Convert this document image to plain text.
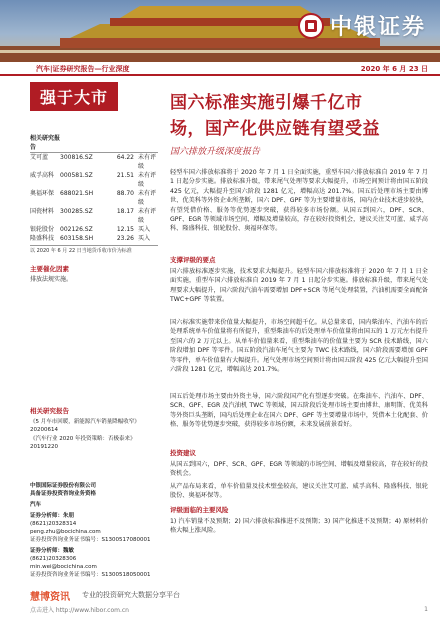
中银证券
汽车|证券研究报告—行业深度	2020 年 6 月 23 日
强于大市
相关研究报告
艾可蓝	300816.SZ	64.22 未有评级
威孚高科 000581.SZ	21.51 未有评级
奥福环保 688021.SH	88.70 未有评级
国瓷材料 300285.SZ	18.17 未有评级
银轮股份 002126.SZ	12.15 买入
隆盛科技 603158.SH	23.26 买入
以 2020 年 6 月 22 日当地货币收市价为标准
主要催化因素
排放法规实施。
相关研究报告
《5 月车市回暖，新能源汽车销量降幅收窄》20200614
《汽车行业 2020 年投资策略：否极泰来》20191220
中银国际证券股份有限公司
具备证券投资咨询业务资格
汽车
证券分析师：朱朋
(8621)20328314
peng.zhu@bocichina.com
证券投资咨询业务证书编号：S1300517080001
证券分析师：魏敏
(8621)20328306
min.wei@bocichina.com
证券投资咨询业务证书编号：S1300518050001
国六标准实施引爆千亿市
场，国产化供应链有望受益
国六排放升级深度报告
轻型车国六排放标准将于 2020 年 7 月 1 日全面实施，重型车国六排放标准自 2019 年 7 月 1 日起分步实施。排放标准升级，带来尾气处理等要求大幅提升，市场空间预计将由国五阶段 425 亿元，大幅提升至国六阶段 1281 亿元，增幅高达 201.7%。国五后处理市场主要由博世、优美科等外资企业所垄断，国六 DPF、GPF 等为主要增量市场，国内企业技术进步较快，有望凭借价格、服务等优势逐步突破，获得较多市场份额。从国五到国六，DPF、SCR、GPF、EGR 等领域市场空间、增幅及增量较高，存在较好投资机会，建议关注艾可蓝、威孚高科、隆盛科技、银轮股份、奥福环保等。
支撑评级的要点
国六排放标准逐步实施，技术要求大幅提升。轻型车国六排放标准将于 2020 年 7 月 1 日全面实施，重型车国六排放标准自 2019 年 7 月 1 日起分步实施。排放标准升级，带来尾气处理要求大幅提升，国六阶段汽油车需要增加 DPF+SCR 等尾气处理装置，汽油机需要全面配备 TWC+GPF 等装置。
国六标准实施带来价值量大幅提升，市场空间超千亿。从总量来看，国内柴油车、汽油车的后处理系统单车价值量将有所提升，重型柴油车的后处理单车价值量将由国五的 1 万元左右提升至国六的 2 万元以上。从单车价值量来看，重型柴油车的价值量主要为 SCR 技术路线，国六阶段增加 DPF 等零件。国五阶段汽油车尾气主要为 TWC 技术路线，国六阶段需要增加 GPF 等零件，单车价值量有大幅提升。尾气处理市场空间预计将由国五阶段 425 亿元大幅提升至国六阶段 1281 亿元，增幅高达 201.7%。
国五后处理市场主要由外资主导，国六阶段国产化有望逐步突破。在柴油车、汽油车、DPF、SCR、GPF、EGR 及汽油机 TWC 等领域，国五阶段后处理市场主要由博世、康明斯、优美科等外资巨头垄断，国内后处理企业在国六 DPF、GPF 等主要增量市场中，凭借本土化配套、价格、服务等优势逐步突破，获得较多市场份额，未来发展前景看好。
投资建议
从国五到国六，DPF、SCR、GPF、EGR 等领域的市场空间、增幅及增量较高，存在较好的投资机会。
从产品布局来看，单车价值量及技术壁垒较高，建议关注艾可蓝、威孚高科、隆盛科技、银轮股份、奥福环保等。
评级面临的主要风险
1) 汽车销量不及预期；2) 国六排放标准推进不及预期；3) 国产化推进不及预期；4) 原材料价格大幅上涨风险。
慧博资讯 专业的投资研究大数据分享平台
点击进入 http://www.hibor.com.cn	1
